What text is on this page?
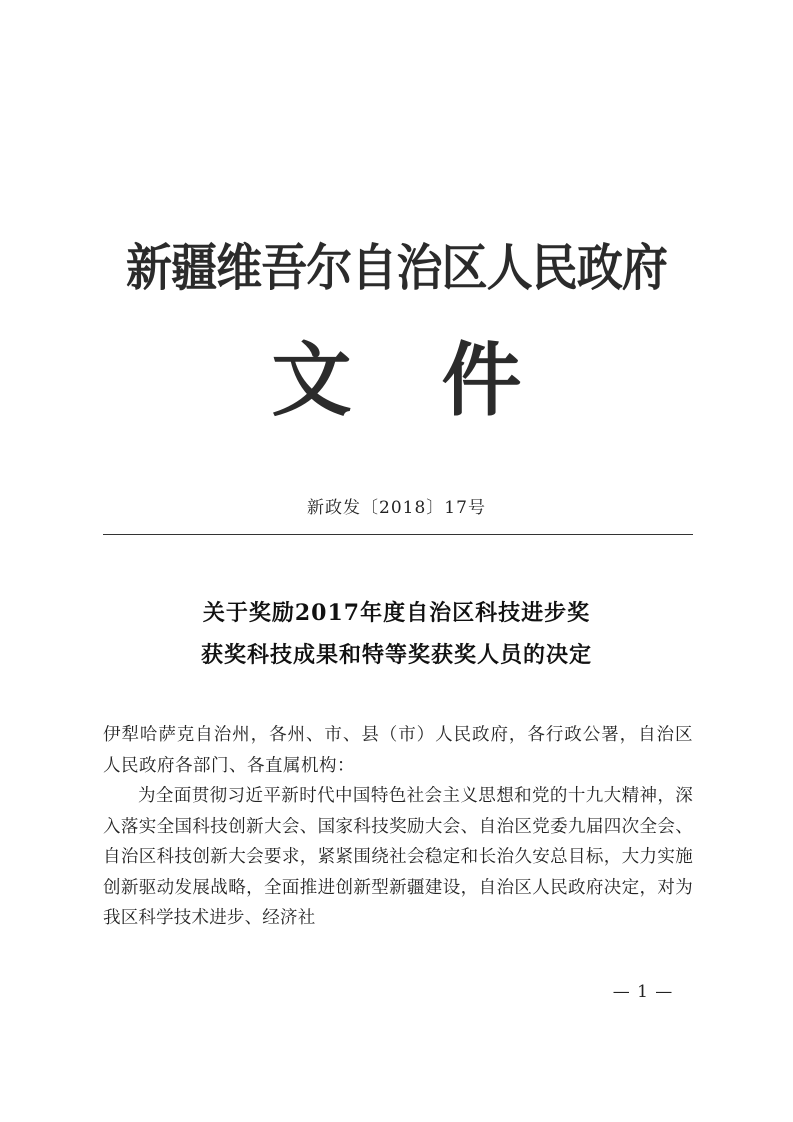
新疆维吾尔自治区人民政府
文件
新政发〔2018〕17号
关于奖励2017年度自治区科技进步奖
获奖科技成果和特等奖获奖人员的决定

伊犁哈萨克自治州，各州、市、县（市）人民政府，各行政公署，自治区人民政府各部门、各直属机构：

为全面贯彻习近平新时代中国特色社会主义思想和党的十九大精神，深入落实全国科技创新大会、国家科技奖励大会、自治区党委九届四次全会、自治区科技创新大会要求，紧紧围绕社会稳定和长治久安总目标，大力实施创新驱动发展战略，全面推进创新型新疆建设，自治区人民政府决定，对为我区科学技术进步、经济社

— 1 —
